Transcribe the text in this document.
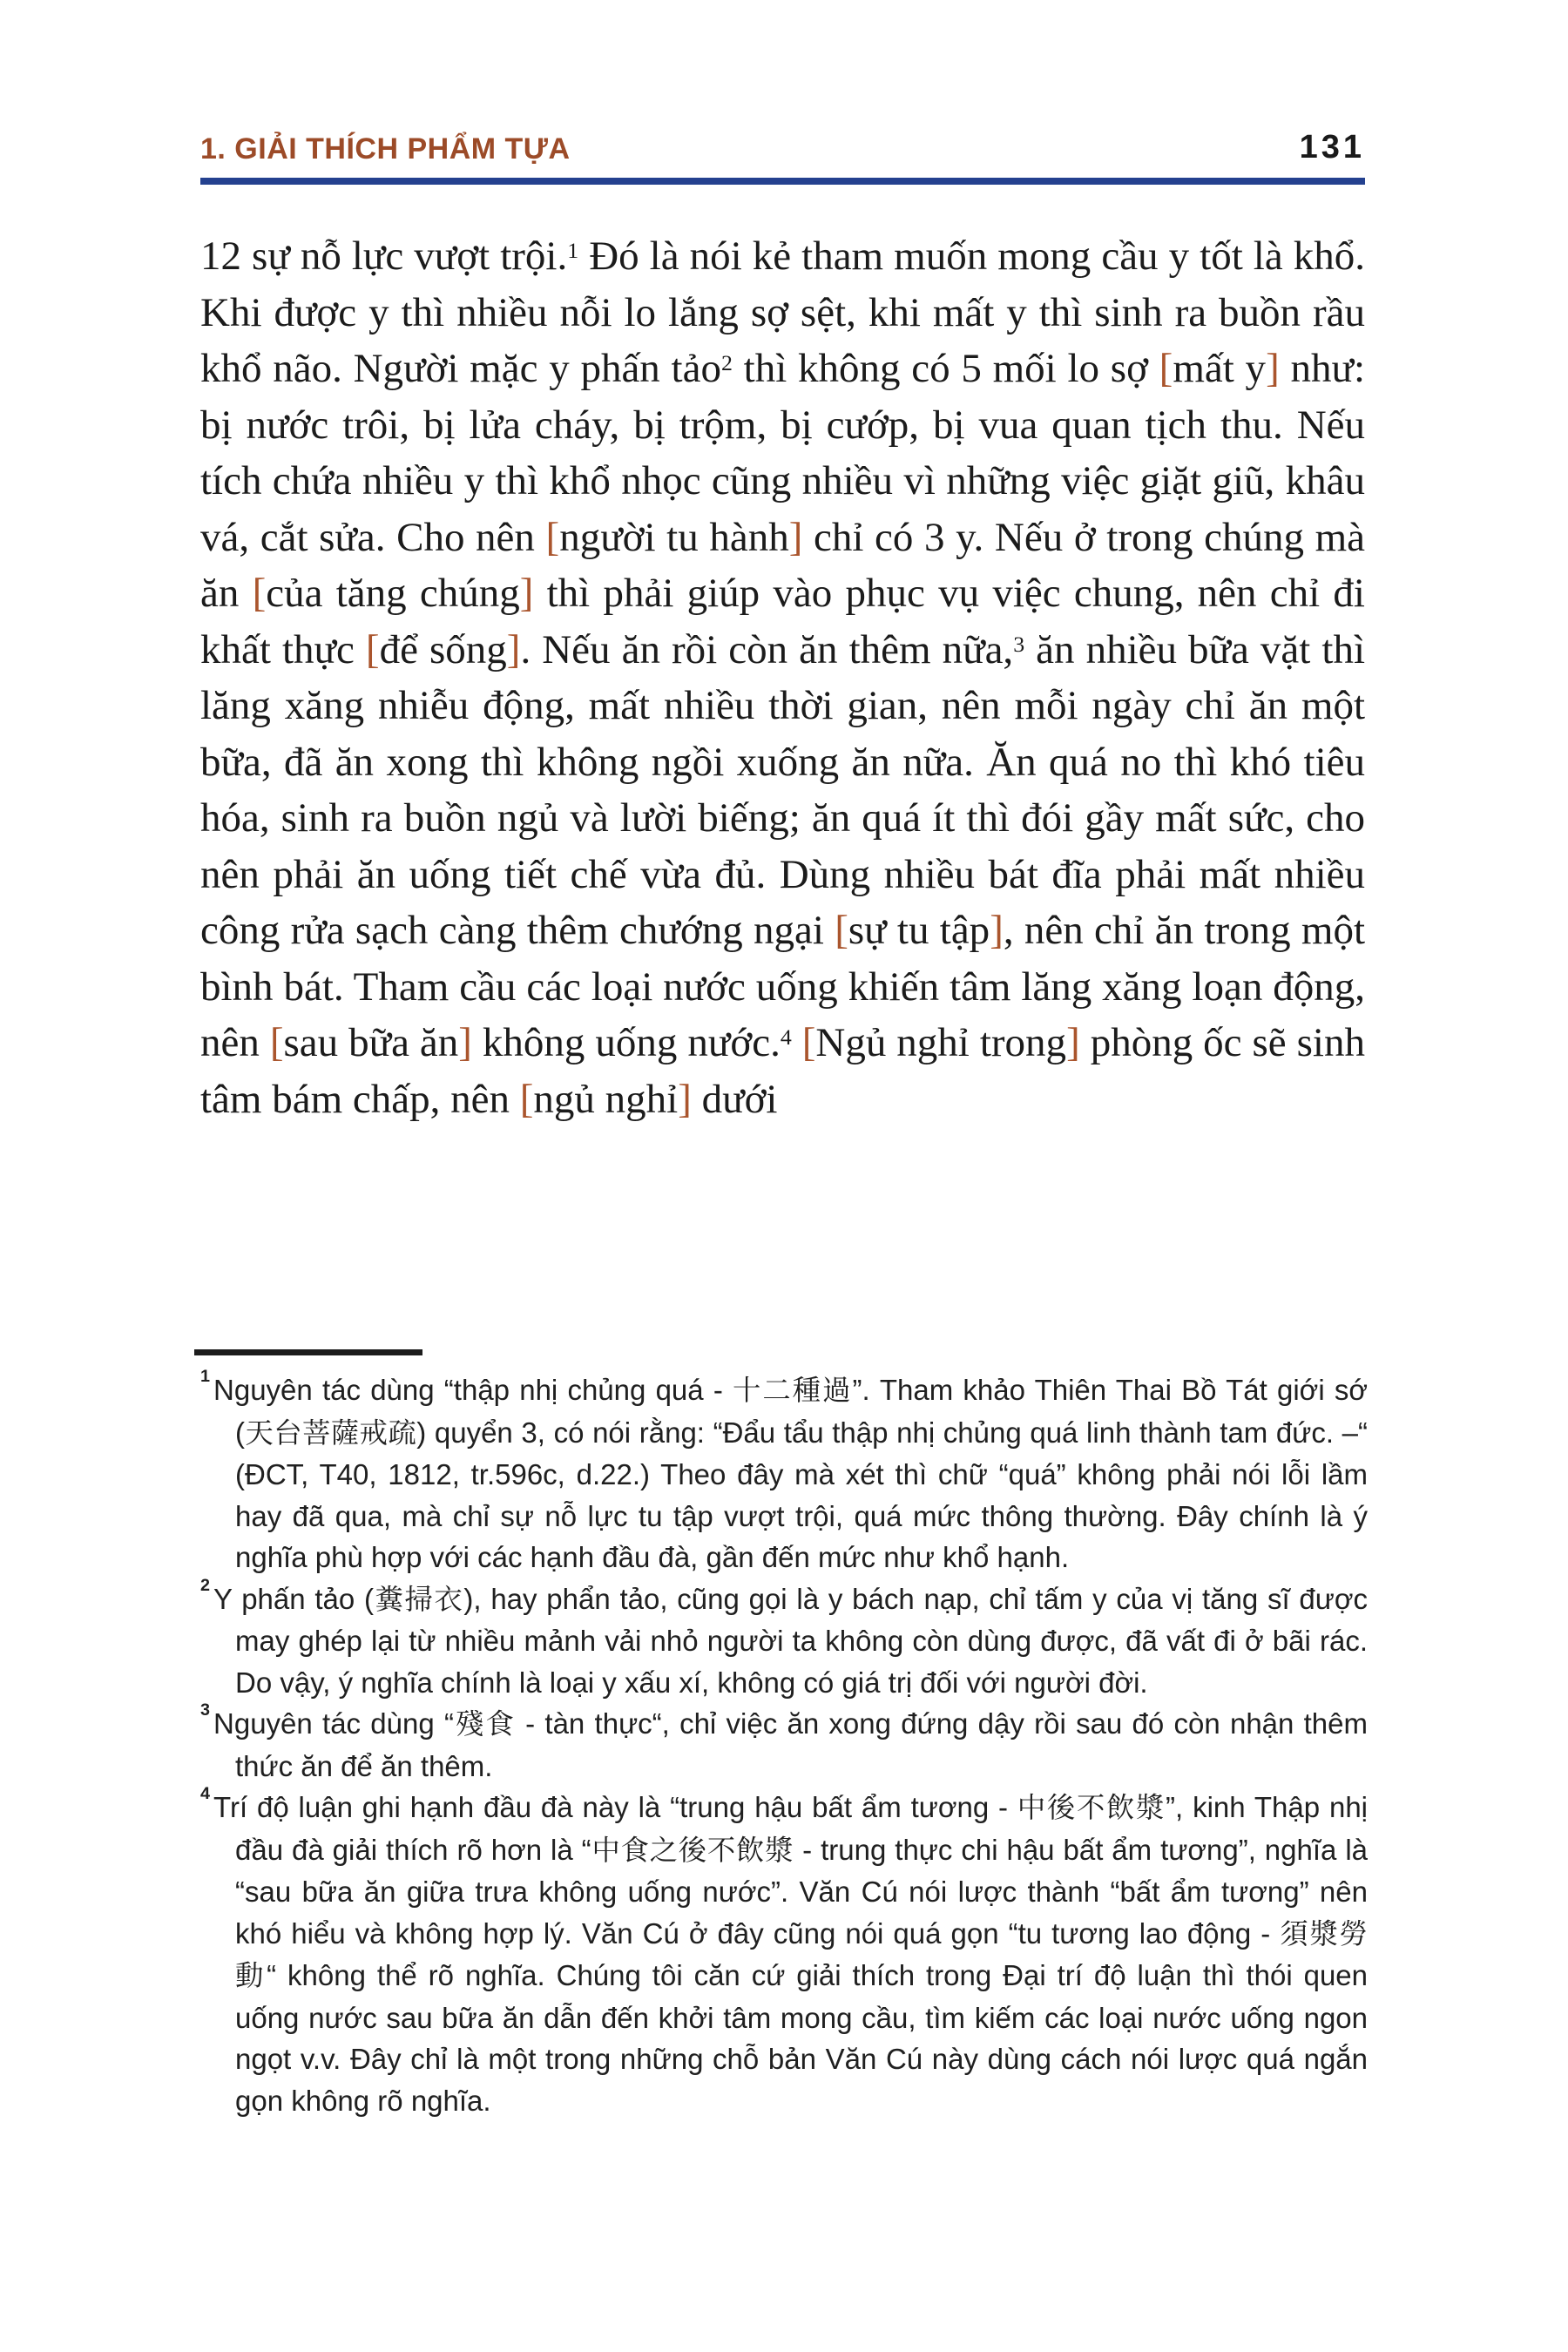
1. GIẢI THÍCH PHẨM TỰA	131
12 sự nỗ lực vượt trội.$^1$ Đó là nói kẻ tham muốn mong cầu y tốt là khổ. Khi được y thì nhiều nỗi lo lắng sợ sệt, khi mất y thì sinh ra buồn rầu khổ não. Người mặc y phấn tảo$^2$ thì không có 5 mối lo sợ [mất y] như: bị nước trôi, bị lửa cháy, bị trộm, bị cướp, bị vua quan tịch thu. Nếu tích chứa nhiều y thì khổ nhọc cũng nhiều vì những việc giặt giũ, khâu vá, cắt sửa. Cho nên [người tu hành] chỉ có 3 y. Nếu ở trong chúng mà ăn [của tăng chúng] thì phải giúp vào phục vụ việc chung, nên chỉ đi khất thực [để sống]. Nếu ăn rồi còn ăn thêm nữa,$^3$ ăn nhiều bữa vặt thì lăng xăng nhiễu động, mất nhiều thời gian, nên mỗi ngày chỉ ăn một bữa, đã ăn xong thì không ngồi xuống ăn nữa. Ăn quá no thì khó tiêu hóa, sinh ra buồn ngủ và lười biếng; ăn quá ít thì đói gầy mất sức, cho nên phải ăn uống tiết chế vừa đủ. Dùng nhiều bát đĩa phải mất nhiều công rửa sạch càng thêm chướng ngại [sự tu tập], nên chỉ ăn trong một bình bát. Tham cầu các loại nước uống khiến tâm lăng xăng loạn động, nên [sau bữa ăn] không uống nước.$^4$ [Ngủ nghỉ trong] phòng ốc sẽ sinh tâm bám chấp, nên [ngủ nghỉ] dưới
$^1$ Nguyên tác dùng “thập nhị chủng quá - 十二種過”. Tham khảo Thiên Thai Bồ Tát giới sớ (天台菩薩戒疏) quyển 3, có nói rằng: “Đẩu tẩu thập nhị chủng quá linh thành tam đức. –“ (ĐCT, T40, 1812, tr.596c, d.22.) Theo đây mà xét thì chữ “quá” không phải nói lỗi lầm hay đã qua, mà chỉ sự nỗ lực tu tập vượt trội, quá mức thông thường. Đây chính là ý nghĩa phù hợp với các hạnh đầu đà, gần đến mức như khổ hạnh.
$^2$ Y phấn tảo (糞掃衣), hay phẩn tảo, cũng gọi là y bách nạp, chỉ tấm y của vị tăng sĩ được may ghép lại từ nhiều mảnh vải nhỏ người ta không còn dùng được, đã vất đi ở bãi rác. Do vậy, ý nghĩa chính là loại y xấu xí, không có giá trị đối với người đời.
$^3$ Nguyên tác dùng “殘食 - tàn thực“, chỉ việc ăn xong đứng dậy rồi sau đó còn nhận thêm thức ăn để ăn thêm.
$^4$ Trí độ luận ghi hạnh đầu đà này là “trung hậu bất ẩm tương - 中後不飲漿”, kinh Thập nhị đầu đà giải thích rõ hơn là “中食之後不飲漿 - trung thực chi hậu bất ẩm tương”, nghĩa là “sau bữa ăn giữa trưa không uống nước”. Văn Cú nói lược thành “bất ẩm tương” nên khó hiểu và không hợp lý. Văn Cú ở đây cũng nói quá gọn “tu tương lao động - 須漿勞動“ không thể rõ nghĩa. Chúng tôi căn cứ giải thích trong Đại trí độ luận thì thói quen uống nước sau bữa ăn dẫn đến khởi tâm mong cầu, tìm kiếm các loại nước uống ngon ngọt v.v. Đây chỉ là một trong những chỗ bản Văn Cú này dùng cách nói lược quá ngắn gọn không rõ nghĩa.
